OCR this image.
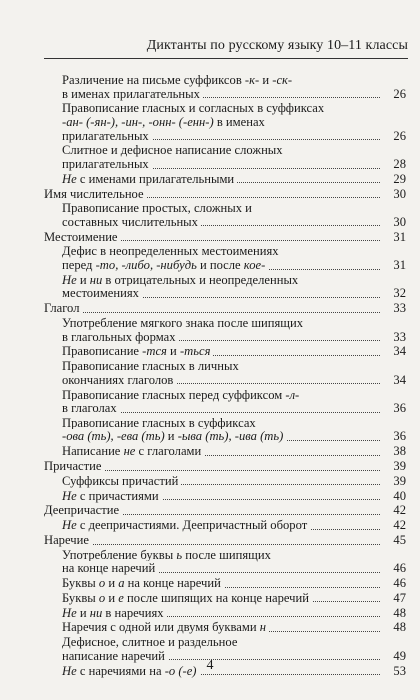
Диктанты по русскому языку 10–11 классы
Различение на письме суффиксов -к- и -ск-
в именах прилагательных	26
Правописание гласных и согласных в суффиксах
-ан- (-ян-), -ин-, -онн- (-енн-) в именах
прилагательных	26
Слитное и дефисное написание сложных
прилагательных	28
Не с именами прилагательными	29
Имя числительное	30
Правописание простых, сложных и
составных числительных	30
Местоимение	31
Дефис в неопределенных местоимениях
перед -то, -либо, -нибудь и после кое-	31
Не и ни в отрицательных и неопределенных
местоимениях	32
Глагол	33
Употребление мягкого знака после шипящих
в глагольных формах	33
Правописание -тся и -ться	34
Правописание гласных в личных
окончаниях глаголов	34
Правописание гласных перед суффиксом -л-
в глаголах	36
Правописание гласных в суффиксах
-ова (ть), -ева (ть) и -ыва (ть), -ива (ть)	36
Написание не с глаголами	38
Причастие	39
Суффиксы причастий	39
Не с причастиями	40
Деепричастие	42
Не с деепричастиями. Деепричастный оборот	42
Наречие	45
Употребление буквы ь после шипящих
на конце наречий	46
Буквы о и а на конце наречий	46
Буквы о и е после шипящих на конце наречий	47
Не и ни в наречиях	48
Наречия с одной или двумя буквами н	48
Дефисное, слитное и раздельное
написание наречий	49
Не с наречиями на -о (-е)	53
4
